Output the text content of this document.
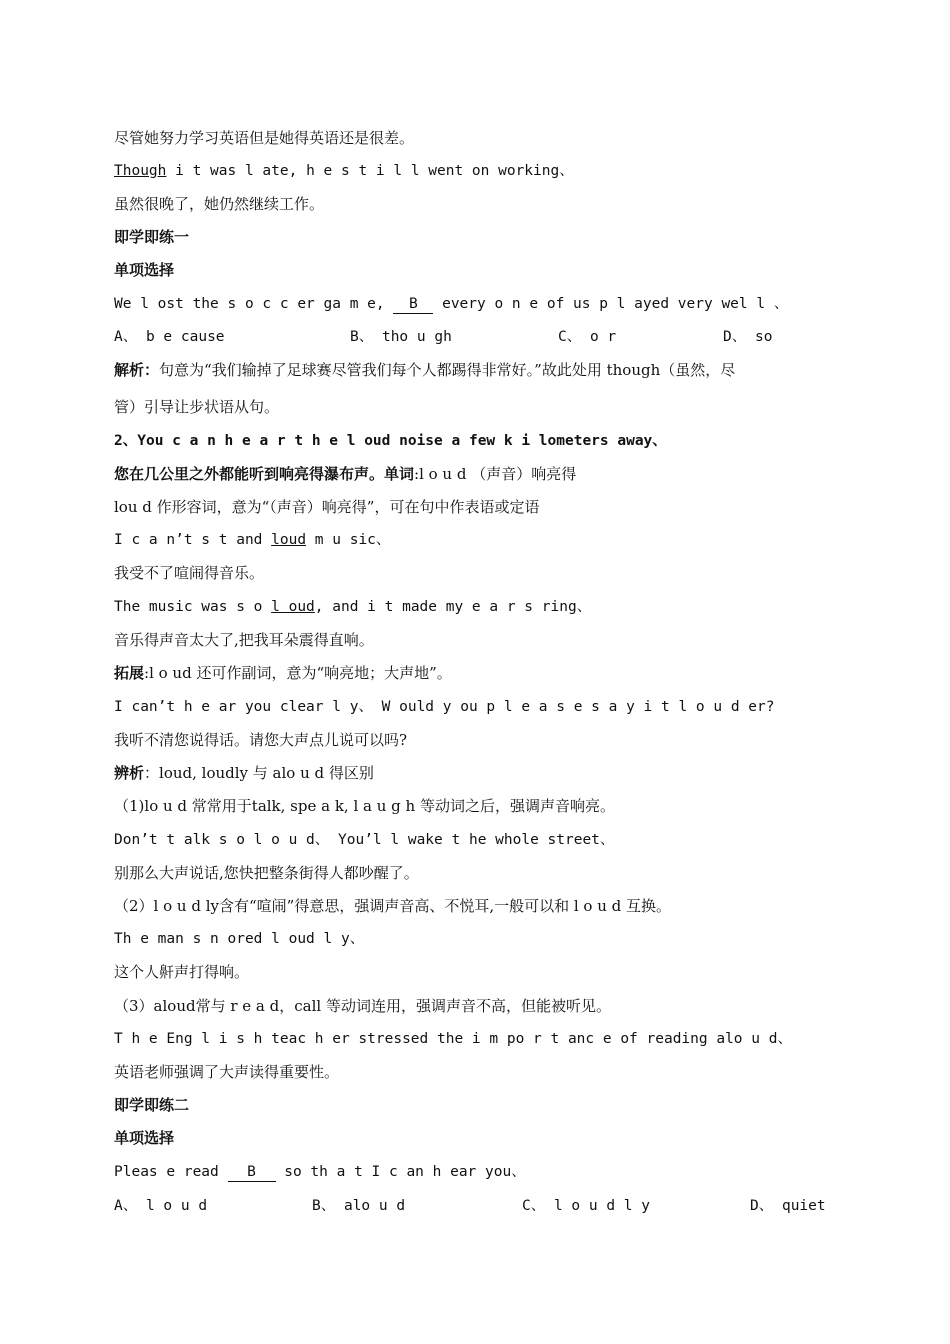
尽管她努力学习英语但是她得英语还是很差。
Though i t was l ate, h e s t i l l went on working、
虽然很晚了，她仍然继续工作。
即学即练一
单项选择
We l ost the s o c c er ga m e, B every o n e of us p l ayed very wel l 、
A、 b e cause	B、 tho u gh	C、 o r	D、 so
解析：句意为“我们输掉了足球赛尽管我们每个人都踢得非常好。”故此处用 though（虽然，尽
管）引导让步状语从句。
2、You c a n h e a r t h e l oud noise a few k i lometers away、
您在几公里之外都能听到响亮得瀑布声。单词:l o u d （声音）响亮得
lou d 作形容词，意为“（声音）响亮得”，可在句中作表语或定语
I c a n’t s t and loud m u sic、
我受不了喧闹得音乐。
The music was s o l oud, and i t made my e a r s ring、
音乐得声音太大了,把我耳朵震得直响。
拓展:l o ud 还可作副词，意为“响亮地；大声地”。
I can’t h e ar you clear l y、 W ould y ou p l e a s e s a y i t l o u d er?
我听不清您说得话。请您大声点儿说可以吗?
辨析：loud, loudly 与 alo u d 得区别
（1)lo u d 常常用于talk, spe a k, l a u g h 等动词之后，强调声音响亮。
Don’t t alk s o l o u d、 You’l l wake t he whole street、
别那么大声说话,您快把整条街得人都吵醒了。
（2）l o u d ly含有“喧闹”得意思，强调声音高、不悦耳,一般可以和 l o u d 互换。
Th e man s n ored l oud l y、
这个人鼾声打得响。
（3）aloud常与 r e a d，call 等动词连用，强调声音不高，但能被听见。
T h e Eng l i s h teac h er stressed the i m po r t anc e of reading alo u d、
英语老师强调了大声读得重要性。
即学即练二
单项选择
Pleas e read B so th a t I c an h ear you、
A、 l o u d	B、 alo u d	C、 l o u d l y	D、 quiet
